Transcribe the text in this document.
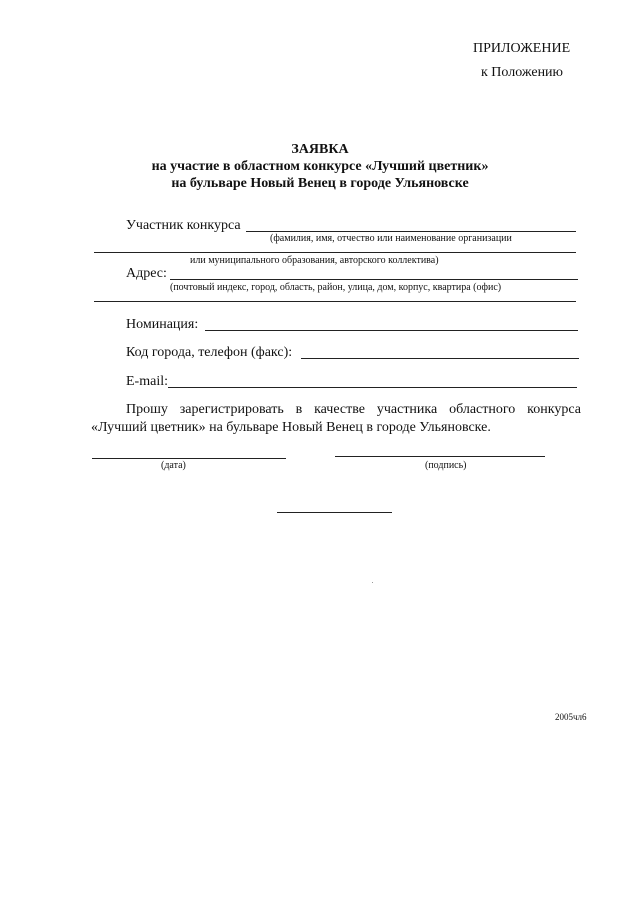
ПРИЛОЖЕНИЕ
к Положению
ЗАЯВКА
на участие в областном конкурсе «Лучший цветник»
на бульваре Новый Венец в городе Ульяновске
Участник конкурса
(фамилия, имя, отчество или наименование организации
или муниципального образования, авторского коллектива)
Адрес:
(почтовый индекс, город, область, район, улица, дом, корпус, квартира (офис)
Номинация:
Код города, телефон (факс):
E-mail:
Прошу зарегистрировать в качестве участника областного конкурса
«Лучший цветник» на бульваре Новый Венец в городе Ульяновске.
(дата)	(подпись)
2005чл6
